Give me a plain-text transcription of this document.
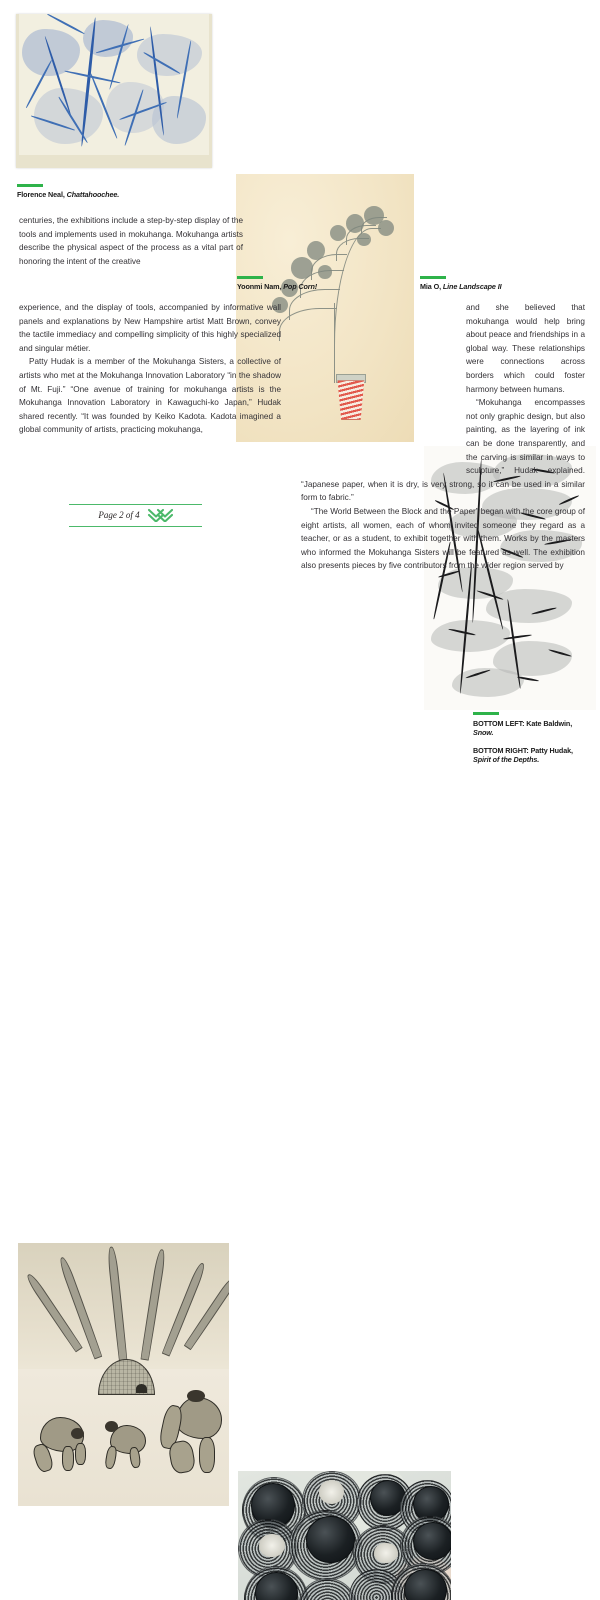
Florence Neal, Chattahoochee.
Yoonmi Nam, Pop Corn!	Mia O, Line Landscape II

centuries, the exhibitions include a step-by-step display of the tools and implements used in mokuhanga. Mokuhanga artists describe the physical aspect of the process as a vital part of honoring the intent of the creative

experience, and the display of tools, accompanied by informative wall panels and explanations by New Hampshire artist Matt Brown, convey the tactile immediacy and compelling simplicity of this highly specialized and singular métier.

Patty Hudak is a member of the Mokuhanga Sisters, a collective of artists who met at the Mokuhanga Innovation Laboratory “in the shadow of Mt. Fuji.” “One avenue of training for mokuhanga artists is the Mokuhanga Innovation Laboratory in Kawaguchi-ko Japan,” Hudak shared recently. “It was founded by Keiko Kadota. Kadota imagined a global community of artists, practicing mokuhanga,

and she believed that mokuhanga would help bring about peace and friendships in a global way. These relationships were connections across borders which could foster harmony between humans.

“Mokuhanga encompasses not only graphic design, but also painting, as the layering of ink can be done transparently, and the carving is similar in ways to sculpture,” Hudak explained. “Japanese paper, when it is dry, is very strong, so it can be used in a similar form to fabric.”

“The World Between the Block and the Paper” began with the core group of eight artists, all women, each of whom invited someone they regard as a teacher, or as a student, to exhibit together with them. Works by the masters who informed the Mokuhanga Sisters will be featured as well. The exhibition also presents pieces by five contributors from the wider region served by

Page 2 of 4
BOTTOM LEFT: Kate Baldwin, Snow.
BOTTOM RIGHT: Patty Hudak, Spirit of the Depths.
